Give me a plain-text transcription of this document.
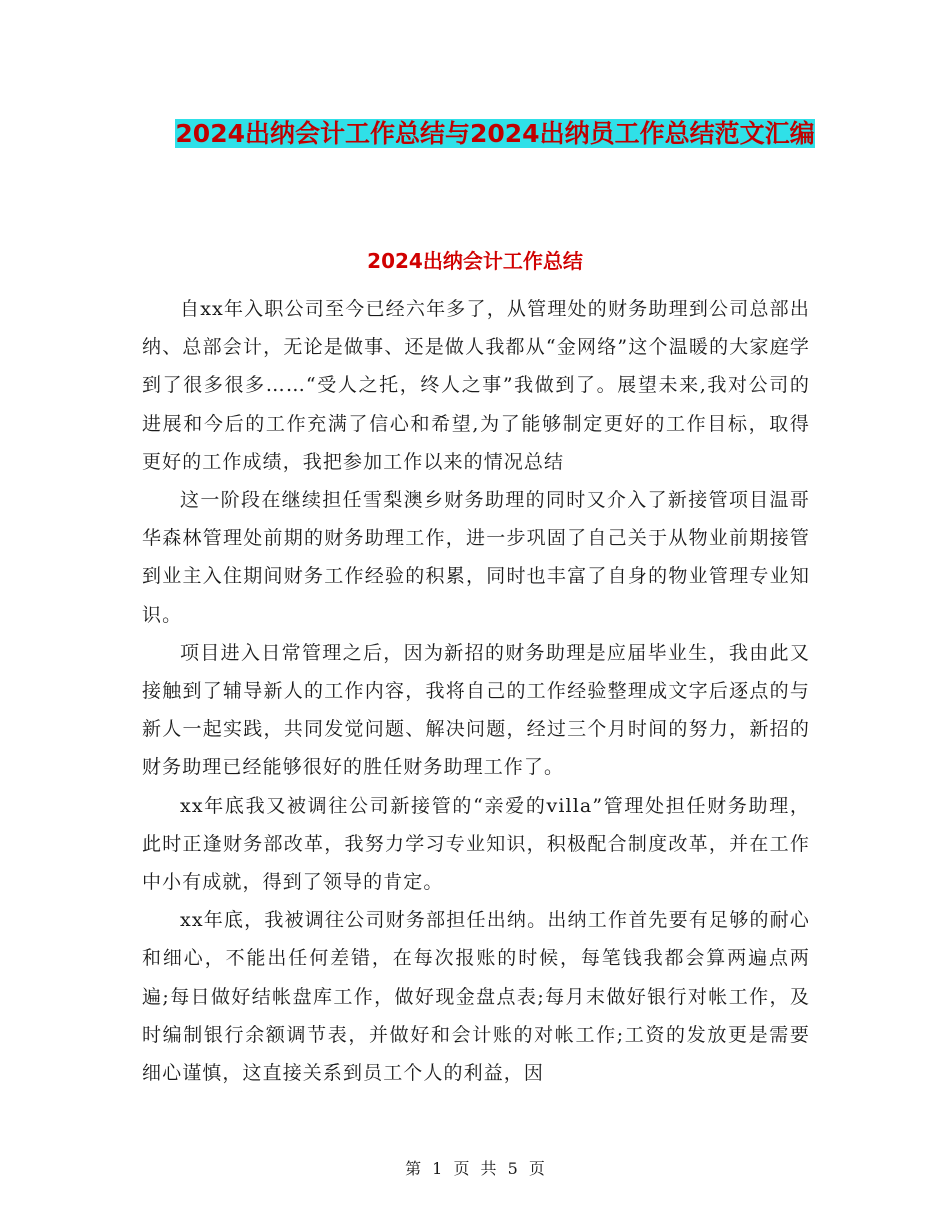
2024出纳会计工作总结与2024出纳员工作总结范文汇编
2024出纳会计工作总结

自xx年入职公司至今已经六年多了，从管理处的财务助理到公司总部出纳、总部会计，无论是做事、还是做人我都从“金网络”这个温暖的大家庭学到了很多很多……“受人之托，终人之事”我做到了。展望未来,我对公司的进展和今后的工作充满了信心和希望,为了能够制定更好的工作目标，取得更好的工作成绩，我把参加工作以来的情况总结

这一阶段在继续担任雪梨澳乡财务助理的同时又介入了新接管项目温哥华森林管理处前期的财务助理工作，进一步巩固了自己关于从物业前期接管到业主入住期间财务工作经验的积累，同时也丰富了自身的物业管理专业知识。

项目进入日常管理之后，因为新招的财务助理是应届毕业生，我由此又接触到了辅导新人的工作内容，我将自己的工作经验整理成文字后逐点的与新人一起实践，共同发觉问题、解决问题，经过三个月时间的努力，新招的财务助理已经能够很好的胜任财务助理工作了。

xx年底我又被调往公司新接管的“亲爱的villa”管理处担任财务助理，此时正逢财务部改革，我努力学习专业知识，积极配合制度改革，并在工作中小有成就，得到了领导的肯定。

xx年底，我被调往公司财务部担任出纳。出纳工作首先要有足够的耐心和细心，不能出任何差错，在每次报账的时候，每笔钱我都会算两遍点两遍;每日做好结帐盘库工作，做好现金盘点表;每月末做好银行对帐工作，及时编制银行余额调节表，并做好和会计账的对帐工作;工资的发放更是需要细心谨慎，这直接关系到员工个人的利益，因

第 1 页 共 5 页
